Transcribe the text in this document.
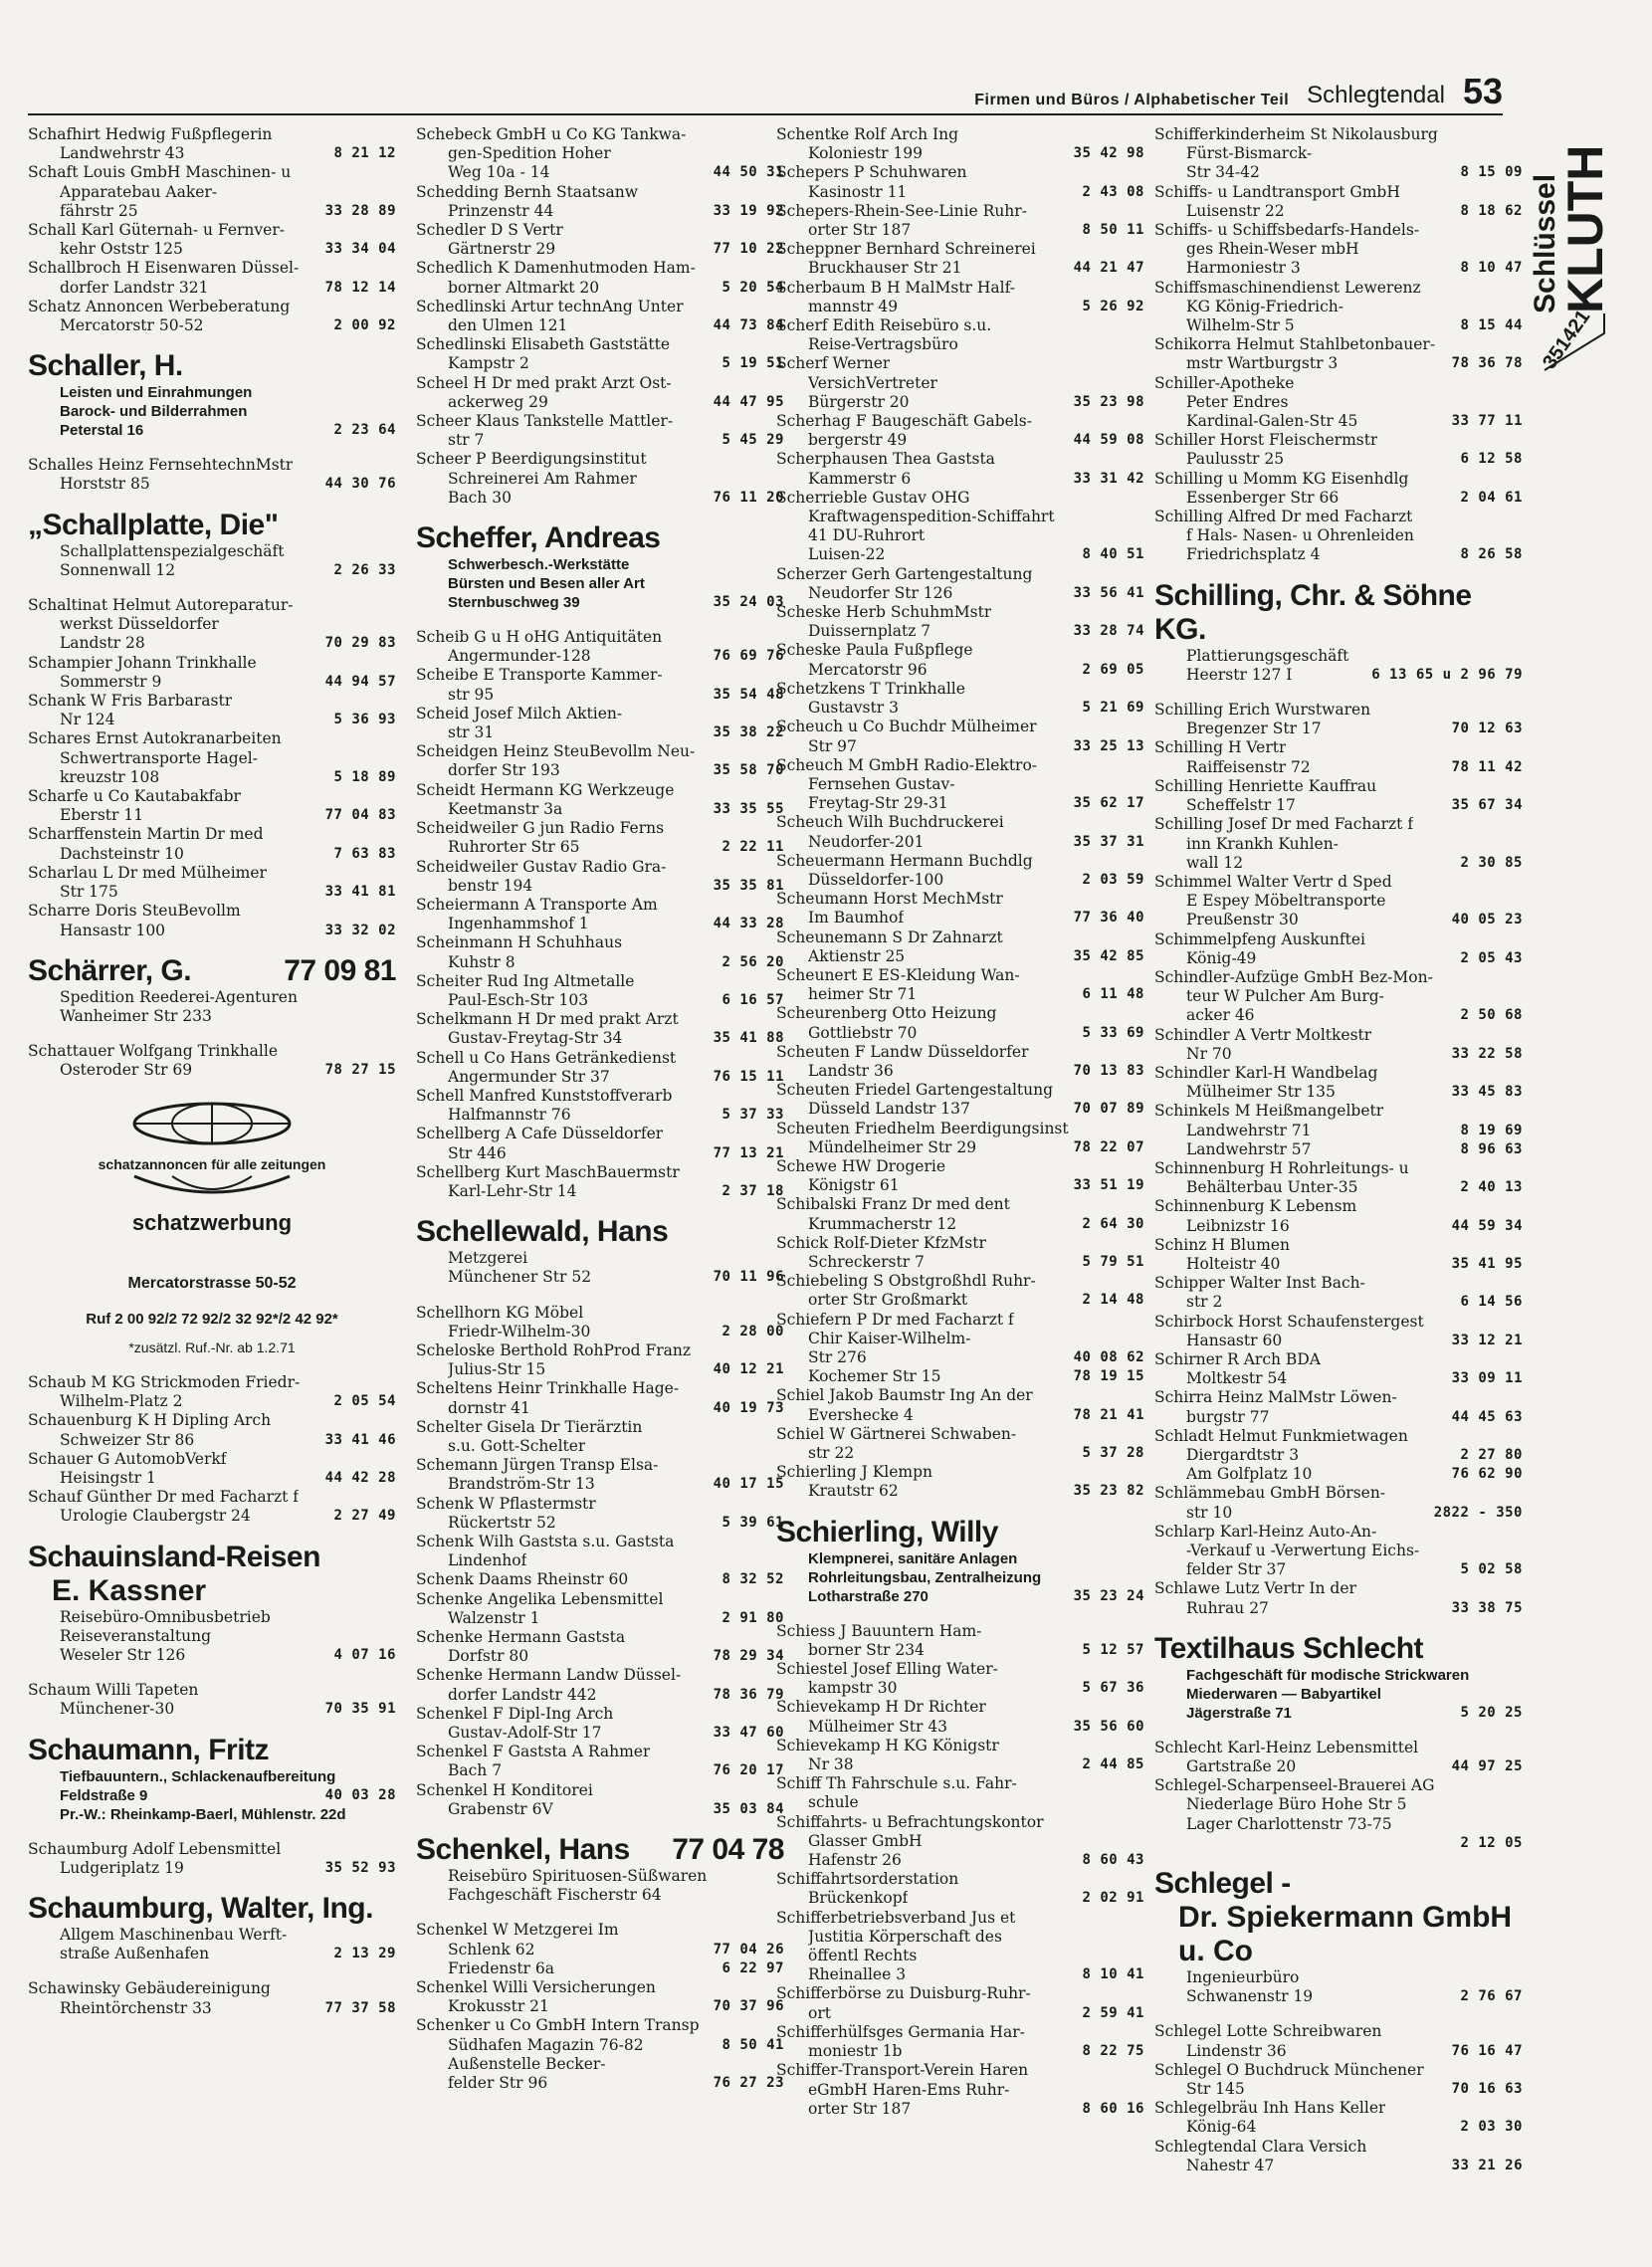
Firmen und Büros / Alphabetischer Teil Schlegtendal 53
Schlüssel
KLUTH
351421
Schafhirt Hedwig Fußpflegerin
Landwehrstr 43	8 21 12
Schaft Louis GmbH Maschinen- u
Apparatebau Aaker-
fährstr 25	33 28 89
Schall Karl Güternah- u Fernver-
kehr Oststr 125	33 34 04
Schallbroch H Eisenwaren Düssel-
dorfer Landstr 321	78 12 14
Schatz Annoncen Werbeberatung
Mercatorstr 50-52	2 00 92
Schaller, H.
Leisten und Einrahmungen
Barock- und Bilderrahmen
Peterstal 16	2 23 64
Schalles Heinz FernsehtechnMstr
Horststr 85	44 30 76
„Schallplatte, Die"
Schallplattenspezialgeschäft
Sonnenwall 12	2 26 33
Schaltinat Helmut Autoreparatur-
werkst Düsseldorfer
Landstr 28	70 29 83
Schampier Johann Trinkhalle
Sommerstr 9	44 94 57
Schank W Fris Barbarastr
Nr 124	5 36 93
Schares Ernst Autokranarbeiten
Schwertransporte Hagel-
kreuzstr 108	5 18 89
Scharfe u Co Kautabakfabr
Eberstr 11	77 04 83
Scharffenstein Martin Dr med
Dachsteinstr 10	7 63 83
Scharlau L Dr med Mülheimer
Str 175	33 41 81
Scharre Doris SteuBevollm
Hansastr 100	33 32 02
Schärrer, G.	77 09 81
Spedition Reederei-Agenturen
Wanheimer Str 233
Schattauer Wolfgang Trinkhalle
Osteroder Str 69	78 27 15
schatzannoncen für alle zeitungen
schatzwerbung
Mercatorstrasse 50-52
Ruf 2 00 92/2 72 92/2 32 92*/2 42 92*
*zusätzl. Ruf.-Nr. ab 1.2.71
Schaub M KG Strickmoden Friedr-
Wilhelm-Platz 2	2 05 54
Schauenburg K H Dipling Arch
Schweizer Str 86	33 41 46
Schauer G AutomobVerkf
Heisingstr 1	44 42 28
Schauf Günther Dr med Facharzt f
Urologie Claubergstr 24	2 27 49
Schauinsland-Reisen
E. Kassner
Reisebüro-Omnibusbetrieb
Reiseveranstaltung
Weseler Str 126	4 07 16
Schaum Willi Tapeten
Münchener-30	70 35 91
Schaumann, Fritz
Tiefbauuntern., Schlackenaufbereitung
Feldstraße 9	40 03 28
Pr.-W.: Rheinkamp-Baerl, Mühlenstr. 22d
Schaumburg Adolf Lebensmittel
Ludgeriplatz 19	35 52 93
Schaumburg, Walter, Ing.
Allgem Maschinenbau Werft-
straße Außenhafen	2 13 29
Schawinsky Gebäudereinigung
Rheintörchenstr 33	77 37 58
Schebeck GmbH u Co KG Tankwa-
gen-Spedition Hoher
Weg 10a - 14	44 50 31
Schedding Bernh Staatsanw
Prinzenstr 44	33 19 92
Schedler D S Vertr
Gärtnerstr 29	77 10 22
Schedlich K Damenhutmoden Ham-
borner Altmarkt 20	5 20 54
Schedlinski Artur technAng Unter
den Ulmen 121	44 73 84
Schedlinski Elisabeth Gaststätte
Kampstr 2	5 19 51
Scheel H Dr med prakt Arzt Ost-
ackerweg 29	44 47 95
Scheer Klaus Tankstelle Mattler-
str 7	5 45 29
Scheer P Beerdigungsinstitut
Schreinerei Am Rahmer
Bach 30	76 11 20
Scheffer, Andreas
Schwerbesch.-Werkstätte
Bürsten und Besen aller Art
Sternbuschweg 39	35 24 03
Scheib G u H oHG Antiquitäten
Angermunder-128	76 69 76
Scheibe E Transporte Kammer-
str 95	35 54 48
Scheid Josef Milch Aktien-
str 31	35 38 22
Scheidgen Heinz SteuBevollm Neu-
dorfer Str 193	35 58 70
Scheidt Hermann KG Werkzeuge
Keetmanstr 3a	33 35 55
Scheidweiler G jun Radio Ferns
Ruhrorter Str 65	2 22 11
Scheidweiler Gustav Radio Gra-
benstr 194	35 35 81
Scheiermann A Transporte Am
Ingenhammshof 1	44 33 28
Scheinmann H Schuhhaus
Kuhstr 8	2 56 20
Scheiter Rud Ing Altmetalle
Paul-Esch-Str 103	6 16 57
Schelkmann H Dr med prakt Arzt
Gustav-Freytag-Str 34	35 41 88
Schell u Co Hans Getränkedienst
Angermunder Str 37	76 15 11
Schell Manfred Kunststoffverarb
Halfmannstr 76	5 37 33
Schellberg A Cafe Düsseldorfer
Str 446	77 13 21
Schellberg Kurt MaschBauermstr
Karl-Lehr-Str 14	2 37 18
Schellewald, Hans
Metzgerei
Münchener Str 52	70 11 96
Schellhorn KG Möbel
Friedr-Wilhelm-30	2 28 00
Scheloske Berthold RohProd Franz
Julius-Str 15	40 12 21
Scheltens Heinr Trinkhalle Hage-
dornstr 41	40 19 73
Schelter Gisela Dr Tierärztin
s.u. Gott-Schelter
Schemann Jürgen Transp Elsa-
Brandström-Str 13	40 17 15
Schenk W Pflastermstr
Rückertstr 52	5 39 61
Schenk Wilh Gaststa s.u. Gaststa
Lindenhof
Schenk Daams Rheinstr 60	8 32 52
Schenke Angelika Lebensmittel
Walzenstr 1	2 91 80
Schenke Hermann Gaststa
Dorfstr 80	78 29 34
Schenke Hermann Landw Düssel-
dorfer Landstr 442	78 36 79
Schenkel F Dipl-Ing Arch
Gustav-Adolf-Str 17	33 47 60
Schenkel F Gaststa A Rahmer
Bach 7	76 20 17
Schenkel H Konditorei
Grabenstr 6V	35 03 84
Schenkel, Hans 77 04 78
Reisebüro Spirituosen-Süßwaren
Fachgeschäft Fischerstr 64
Schenkel W Metzgerei Im
Schlenk 62	77 04 26
Friedenstr 6a	6 22 97
Schenkel Willi Versicherungen
Krokusstr 21	70 37 96
Schenker u Co GmbH Intern Transp
Südhafen Magazin 76-82	8 50 41
Außenstelle Becker-
felder Str 96	76 27 23
Schentke Rolf Arch Ing
Koloniestr 199	35 42 98
Schepers P Schuhwaren
Kasinostr 11	2 43 08
Schepers-Rhein-See-Linie Ruhr-
orter Str 187	8 50 11
Scheppner Bernhard Schreinerei
Bruckhauser Str 21	44 21 47
Scherbaum B H MalMstr Half-
mannstr 49	5 26 92
Scherf Edith Reisebüro s.u.
Reise-Vertragsbüro
Scherf Werner
VersichVertreter
Bürgerstr 20	35 23 98
Scherhag F Baugeschäft Gabels-
bergerstr 49	44 59 08
Scherphausen Thea Gaststa
Kammerstr 6	33 31 42
Scherrieble Gustav OHG
Kraftwagenspedition-Schiffahrt
41 DU-Ruhrort
Luisen-22	8 40 51
Scherzer Gerh Gartengestaltung
Neudorfer Str 126	33 56 41
Scheske Herb SchuhmMstr
Duissernplatz 7	33 28 74
Scheske Paula Fußpflege
Mercatorstr 96	2 69 05
Schetzkens T Trinkhalle
Gustavstr 3	5 21 69
Scheuch u Co Buchdr Mülheimer
Str 97	33 25 13
Scheuch M GmbH Radio-Elektro-
Fernsehen Gustav-
Freytag-Str 29-31	35 62 17
Scheuch Wilh Buchdruckerei
Neudorfer-201	35 37 31
Scheuermann Hermann Buchdlg
Düsseldorfer-100	2 03 59
Scheumann Horst MechMstr
Im Baumhof	77 36 40
Scheunemann S Dr Zahnarzt
Aktienstr 25	35 42 85
Scheunert E ES-Kleidung Wan-
heimer Str 71	6 11 48
Scheurenberg Otto Heizung
Gottliebstr 70	5 33 69
Scheuten F Landw Düsseldorfer
Landstr 36	70 13 83
Scheuten Friedel Gartengestaltung
Düsseld Landstr 137	70 07 89
Scheuten Friedhelm Beerdigungsinst
Mündelheimer Str 29	78 22 07
Schewe HW Drogerie
Königstr 61	33 51 19
Schibalski Franz Dr med dent
Krummacherstr 12	2 64 30
Schick Rolf-Dieter KfzMstr
Schreckerstr 7	5 79 51
Schiebeling S Obstgroßhdl Ruhr-
orter Str Großmarkt	2 14 48
Schiefern P Dr med Facharzt f
Chir Kaiser-Wilhelm-
Str 276	40 08 62
Kochemer Str 15	78 19 15
Schiel Jakob Baumstr Ing An der
Evershecke 4	78 21 41
Schiel W Gärtnerei Schwaben-
str 22	5 37 28
Schierling J Klempn
Krautstr 62	35 23 82
Schierling, Willy
Klempnerei, sanitäre Anlagen
Rohrleitungsbau, Zentralheizung
Lotharstraße 270	35 23 24
Schiess J Bauuntern Ham-
borner Str 234	5 12 57
Schiestel Josef Elling Water-
kampstr 30	5 67 36
Schievekamp H Dr Richter
Mülheimer Str 43	35 56 60
Schievekamp H KG Königstr
Nr 38	2 44 85
Schiff Th Fahrschule s.u. Fahr-
schule
Schiffahrts- u Befrachtungskontor
Glasser GmbH
Hafenstr 26	8 60 43
Schiffahrtsorderstation
Brückenkopf	2 02 91
Schifferbetriebsverband Jus et
Justitia Körperschaft des
öffentl Rechts
Rheinallee 3	8 10 41
Schifferbörse zu Duisburg-Ruhr-
ort	2 59 41
Schifferhülfsges Germania Har-
moniestr 1b	8 22 75
Schiffer-Transport-Verein Haren
eGmbH Haren-Ems Ruhr-
orter Str 187	8 60 16
Schifferkinderheim St Nikolausburg
Fürst-Bismarck-
Str 34-42	8 15 09
Schiffs- u Landtransport GmbH
Luisenstr 22	8 18 62
Schiffs- u Schiffsbedarfs-Handels-
ges Rhein-Weser mbH
Harmoniestr 3	8 10 47
Schiffsmaschinendienst Lewerenz
KG König-Friedrich-
Wilhelm-Str 5	8 15 44
Schikorra Helmut Stahlbetonbauer-
mstr Wartburgstr 3	78 36 78
Schiller-Apotheke
Peter Endres
Kardinal-Galen-Str 45	33 77 11
Schiller Horst Fleischermstr
Paulusstr 25	6 12 58
Schilling u Momm KG Eisenhdlg
Essenberger Str 66	2 04 61
Schilling Alfred Dr med Facharzt
f Hals- Nasen- u Ohrenleiden
Friedrichsplatz 4	8 26 58
Schilling, Chr. & Söhne KG.
Plattierungsgeschäft
Heerstr 127 I	6 13 65 u 2 96 79
Schilling Erich Wurstwaren
Bregenzer Str 17	70 12 63
Schilling H Vertr
Raiffeisenstr 72	78 11 42
Schilling Henriette Kauffrau
Scheffelstr 17	35 67 34
Schilling Josef Dr med Facharzt f
inn Krankh Kuhlen-
wall 12	2 30 85
Schimmel Walter Vertr d Sped
E Espey Möbeltransporte
Preußenstr 30	40 05 23
Schimmelpfeng Auskunftei
König-49	2 05 43
Schindler-Aufzüge GmbH Bez-Mon-
teur W Pulcher Am Burg-
acker 46	2 50 68
Schindler A Vertr Moltkestr
Nr 70	33 22 58
Schindler Karl-H Wandbelag
Mülheimer Str 135	33 45 83
Schinkels M Heißmangelbetr
Landwehrstr 71	8 19 69
Landwehrstr 57	8 96 63
Schinnenburg H Rohrleitungs- u
Behälterbau Unter-35	2 40 13
Schinnenburg K Lebensm
Leibnizstr 16	44 59 34
Schinz H Blumen
Holteistr 40	35 41 95
Schipper Walter Inst Bach-
str 2	6 14 56
Schirbock Horst Schaufenstergest
Hansastr 60	33 12 21
Schirner R Arch BDA
Moltkestr 54	33 09 11
Schirra Heinz MalMstr Löwen-
burgstr 77	44 45 63
Schladt Helmut Funkmietwagen
Diergardtstr 3	2 27 80
Am Golfplatz 10	76 62 90
Schlämmebau GmbH Börsen-
str 10	2822 - 350
Schlarp Karl-Heinz Auto-An-
-Verkauf u -Verwertung Eichs-
felder Str 37	5 02 58
Schlawe Lutz Vertr In der
Ruhrau 27	33 38 75
Textilhaus Schlecht
Fachgeschäft für modische Strickwaren
Miederwaren — Babyartikel
Jägerstraße 71	5 20 25
Schlecht Karl-Heinz Lebensmittel
Gartstraße 20	44 97 25
Schlegel-Scharpenseel-Brauerei AG
Niederlage Büro Hohe Str 5
Lager Charlottenstr 73-75
2 12 05
Schlegel -
Dr. Spiekermann GmbH u. Co
Ingenieurbüro
Schwanenstr 19	2 76 67
Schlegel Lotte Schreibwaren
Lindenstr 36	76 16 47
Schlegel O Buchdruck Münchener
Str 145	70 16 63
Schlegelbräu Inh Hans Keller
König-64	2 03 30
Schlegtendal Clara Versich
Nahestr 47	33 21 26
